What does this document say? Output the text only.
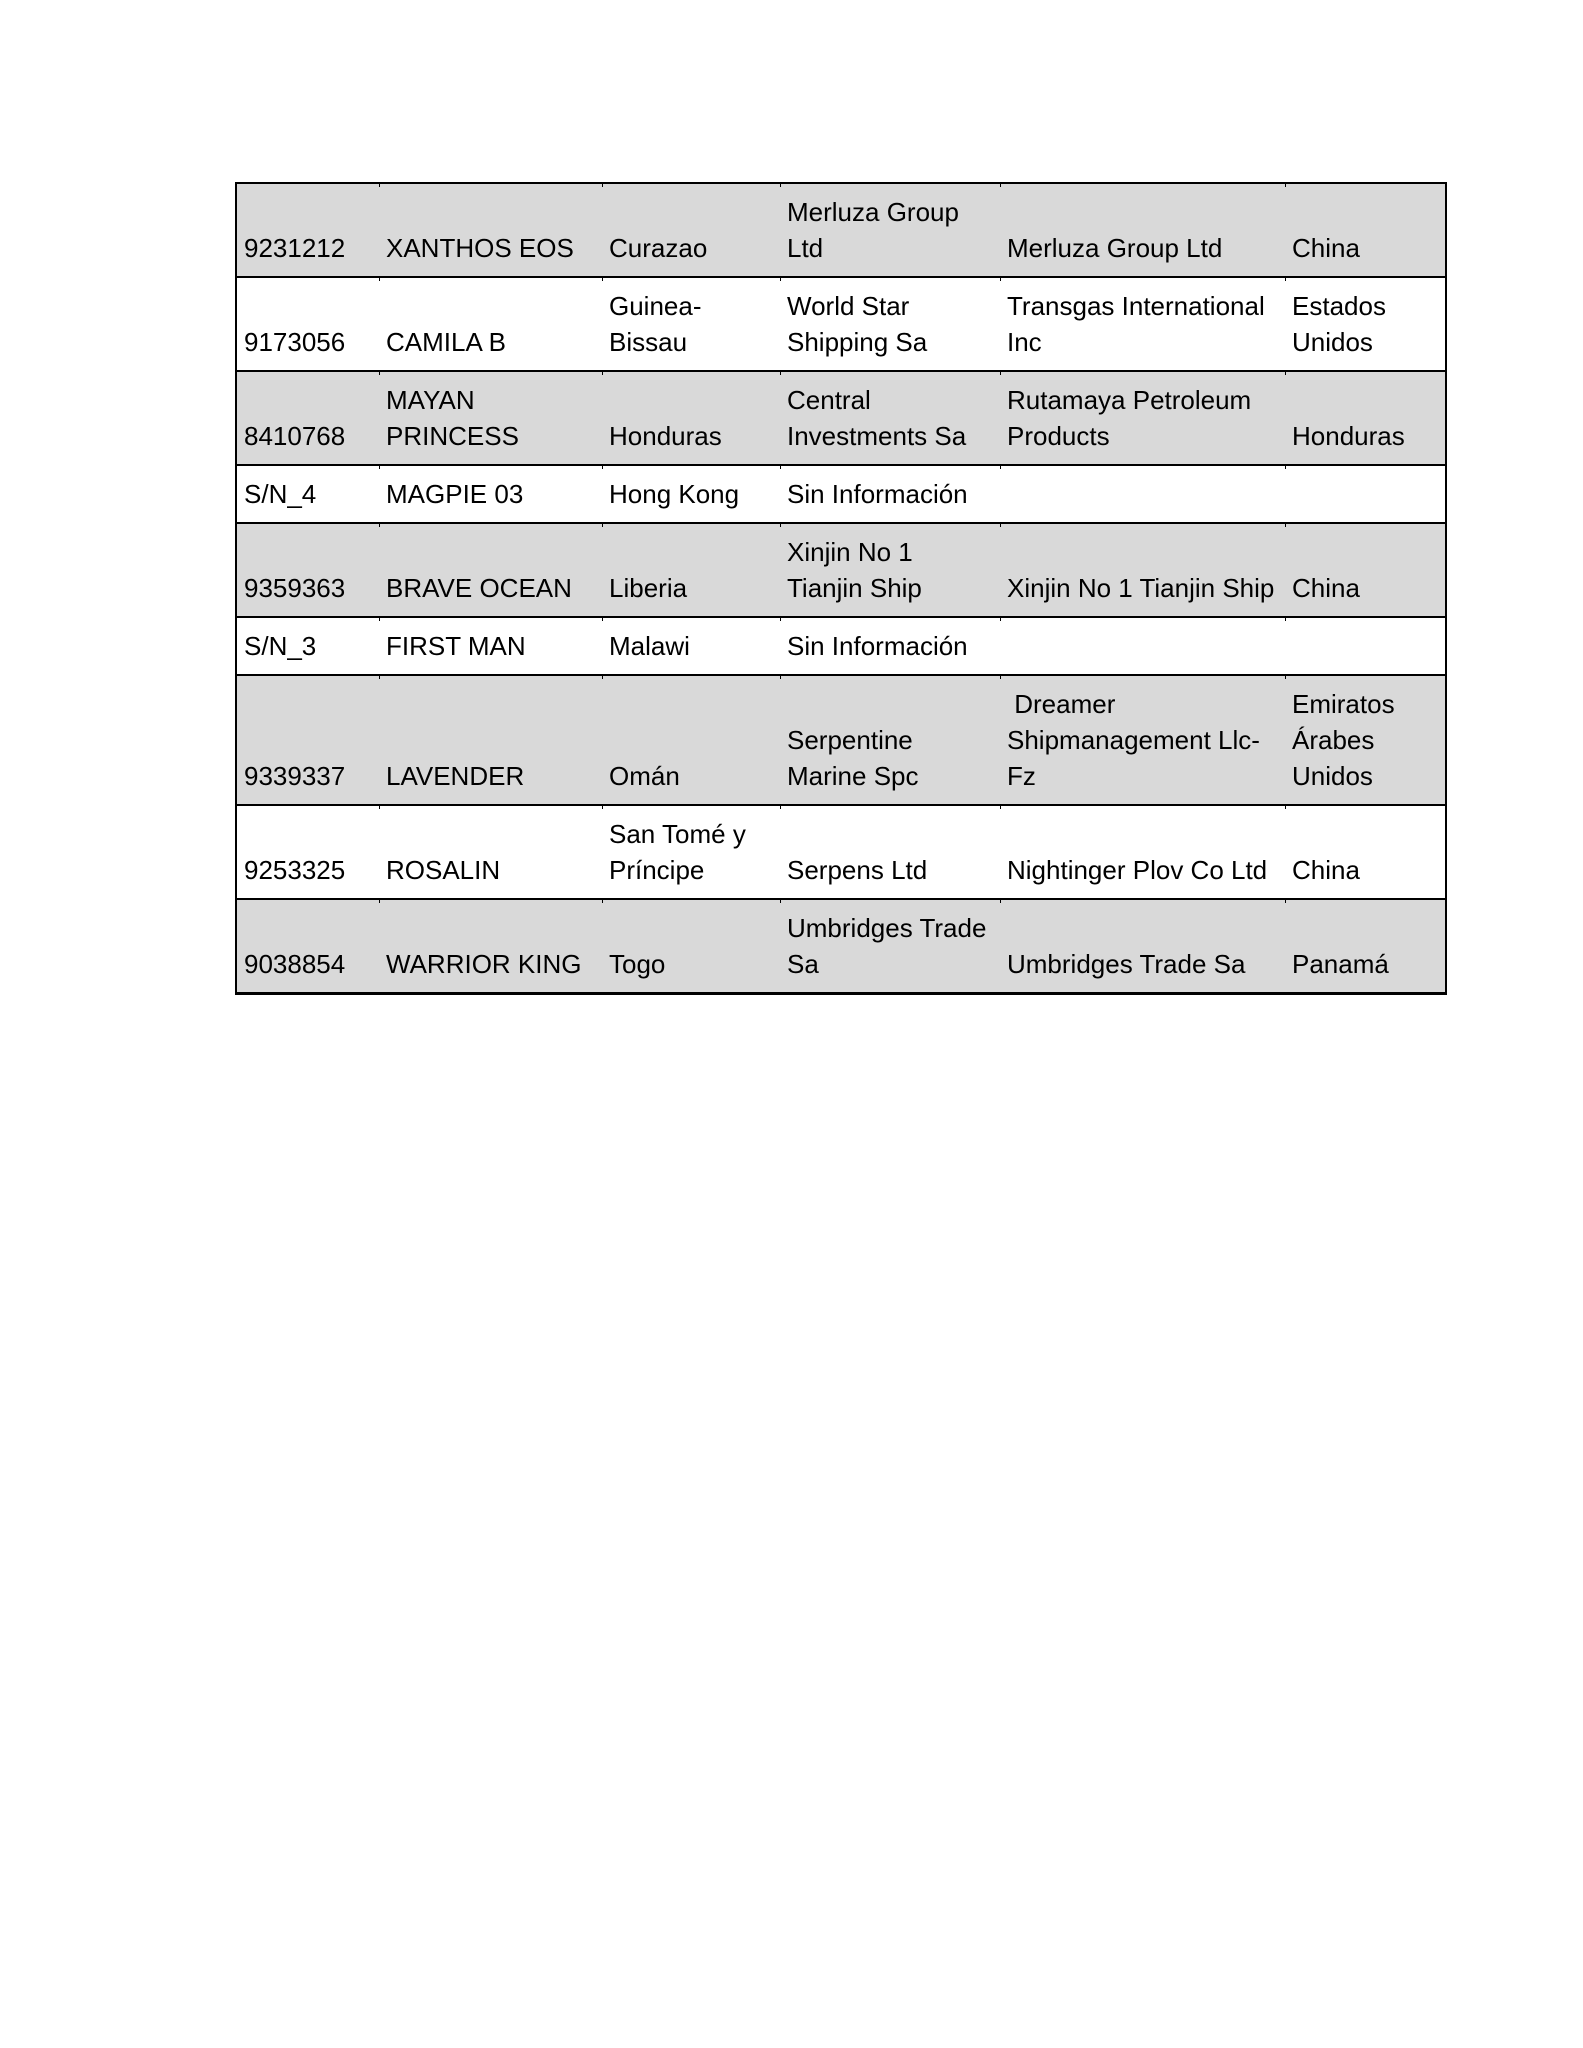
9231212	XANTHOS EOS	Curazao	Merluza Group Ltd	Merluza Group Ltd	China
9173056	CAMILA B	Guinea-Bissau	World Star Shipping Sa	Transgas International Inc	Estados Unidos
8410768	MAYAN PRINCESS	Honduras	Central Investments Sa	Rutamaya Petroleum Products	Honduras
S/N_4	MAGPIE 03	Hong Kong	Sin Información		
9359363	BRAVE OCEAN	Liberia	Xinjin No 1 Tianjin Ship	Xinjin No 1 Tianjin Ship	China
S/N_3	FIRST MAN	Malawi	Sin Información		
9339337	LAVENDER	Omán	Serpentine Marine Spc	Dreamer Shipmanagement Llc-Fz	Emiratos Árabes Unidos
9253325	ROSALIN	San Tomé y Príncipe	Serpens Ltd	Nightinger Plov Co Ltd	China
9038854	WARRIOR KING	Togo	Umbridges Trade Sa	Umbridges Trade Sa	Panamá
